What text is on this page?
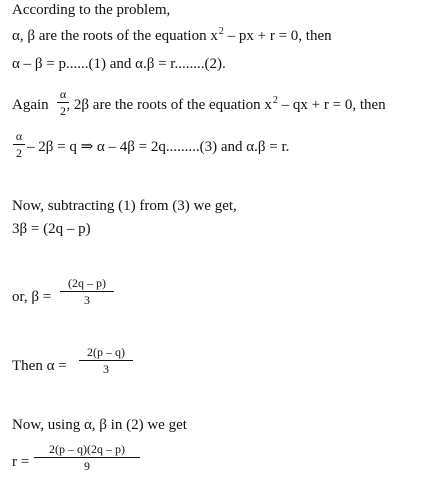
According to the problem,
α, β are the roots of the equation $x^2$ – px + r = 0, then
α – β = p......(1) and α.β = r........(2).
Again , 2β are the roots of the equation $x^2$ – qx + r = 0, then
$\frac{\alpha}{2}$
$\frac{\alpha}{2} - 2\beta = q$ ⇒ α – 4β = 2q.........(3) and α.β = r.
Now, subtracting (1) from (3) we get,
3β = (2q – p)
or, $\beta = \frac{(2q - p)}{3}$
Then $\alpha = \frac{2(p - q)}{3}$
Now, using α, β in (2) we get
$r = \frac{2(p - q)(2q - p)}{9}$
